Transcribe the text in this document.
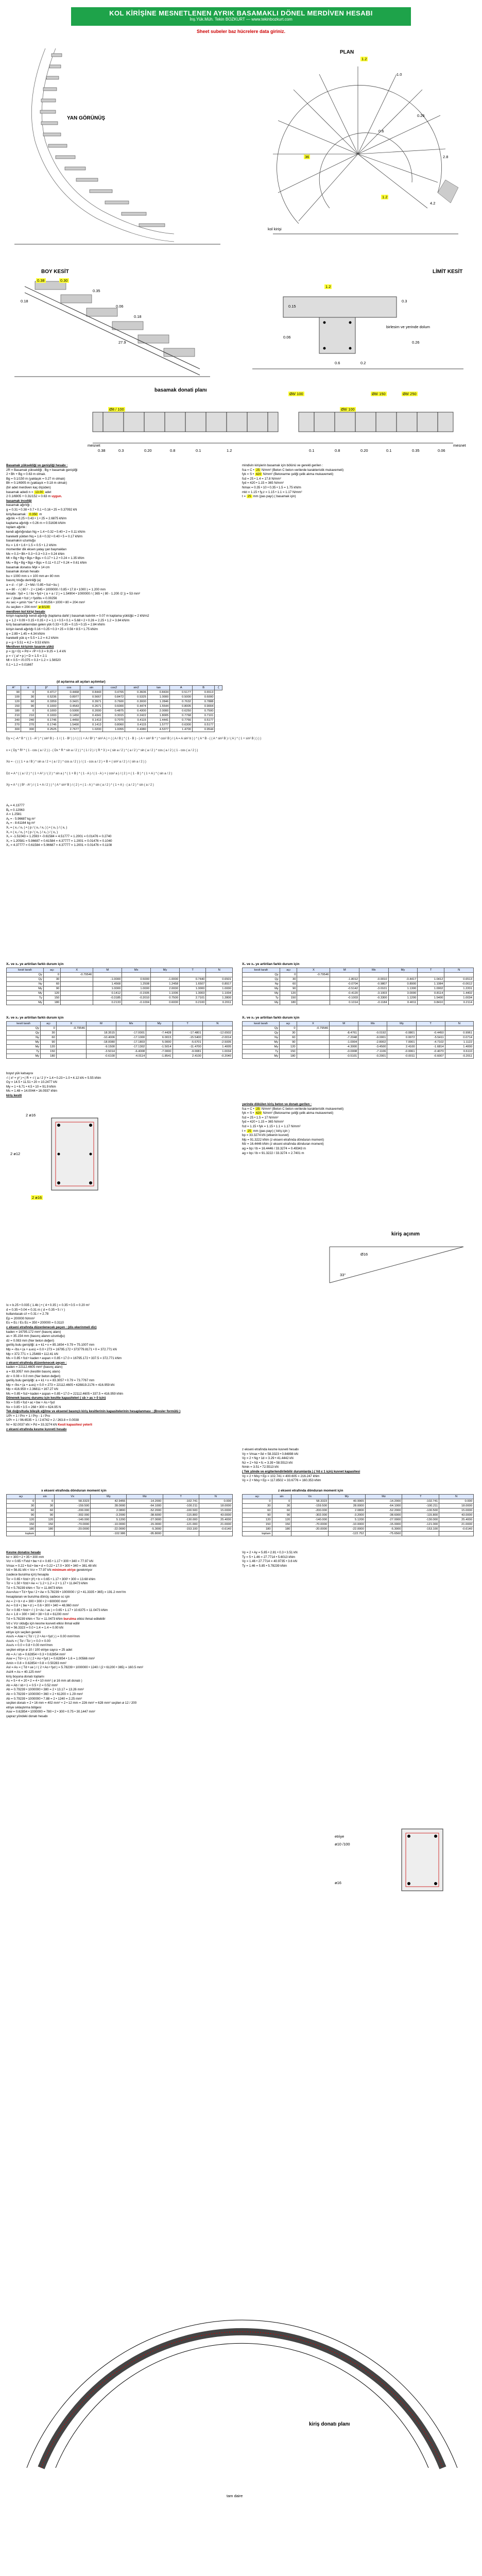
KOL KİRİŞİNE MESNETLENEN AYRIK BASAMAKLI DÖNEL MERDİVEN HESABI
İnş.Yük.Müh. Tekin BOZKURT — www.tekinbozkurt.com
Sheet subeler baz hücrelere data giriniz.
YAN GÖRÜNÜŞ
PLAN
1.2
1.2
2.8
0.6
1.0
4.2
0.26
36
kol kirişi
BOY KESİT
0.38	0.30
0.18
0.35
0.06
0.18
27.9
LİMİT KESİT
birlesim ve yerinde dolum
1.2
0.3
0.15
0.2
0.6
0.06
0.26
Ø8/ 100	Ø8/ 150	Ø8/ 250
basamak donati planı
Ø8 / 100	Ø8/ 100
mesnet	mesnet
0.38	0.3	0.20	0.8	0.1	1.2	0.1	0.8	0.20	0.1	0.35	0.06
Basamak yüksekliği ve genişliği hesabı :
2R = Basamak yüksekliği ; Bg = basamak genişliği
2 • Bh + Bg = 0.63 m olmalı.
Bg = 0.1/150 m (yaklaşık = 0.27 m olmalı)
Bh = 0.1/6905 m (yaklaşık = 0.18 m olmalı)
(bir adet merdiven kaç ölçüden)
basamak adedi n = 13.00 adet
2 0.1/6905 + 0.31/152 = 0.63 m uygun.
basamak inceliği
basamak ağırlığı ;
g = 0.31 • 0.38 • 0.7 • 0.1 • 0.16 • 25 = 0.37092 kN
kiriş/basamak : 0.350 m
ağırlık = 0.25 • 0.43 • 1 • 25 = 2.6875 kN/m
kaplama ağırlığı = 0.26 m = 0.51636 kN/m
toplam ağırlık :
kendi ağırlığından Ng = 1.4 • 0.32 • 0.40 • 2 = 0.11 kN/m
hareketli yükten Nq = 1.6 • 0.32 • 0.40 • 5 = 0.17 kN/m
basamakın uzunluğu
Ku = 1.6 • 1.6 • 1.5 = 0.5 • 1.2 kN/m
momentler dik eksen yatay çan başmakları
Mx = 0.3 • Bh • 0.3 • 0.3 • 0.3 = 0.24 kNm
Mt = Bg • Bg • Bgs • Bgs = 0.17 • 1.2 • 0.24 = 1.35 kNm
Mu = Bg • Bg • Bgs • Bgs = 0.11 • 0.17 • 0.24 = 0.61 kNm
basamak donatısı Mpl = 14 cm
basamak donatı hesabı
bu = 1000 mm s = 100 mm ø= 80 mm
basınç bloğu derinliği (a)
a = d - √ (d² - 2 • Md / 0.85 • fcd • bu )
a = 80 - √ ( 80 ² - 2 • 1345 • 1000000 / 0.85 • 17.8 • 1000 ) = 1.200 mm
hesabı : fyd = 1 / bs • fyd • ( a + a / 2 ) = 1.54904 • 1000000 / ( 365 • ( 80 - 1.200 /2 )) = 53 mm²
a= √ (bsab • fcd ) • fyd/bs = 0.00256
As sec = μmin *ow * d = 0.00256 • 1000 • 80 = 204 mm²
As seçilen = 204 mm² ø 8/100
merdiven kol kirişi hesabı
kirişin kapladığı kendi ağırlığı (kaplama dahil ) basamak kalınlık = 0.07 m kaplama yüklüğü = 2 kN/m2
g = 1.2 • 0.09 • 0.15 • 0.35 • 2 = 1.1 • 0.5 • 0.1 = 5.68 • 2 • 0.26 = 2.25 • 1.2 = 3.84 kN/m
kiriş basamaklarından gelen yük 0.33 • 0.35 = 0.15 • 0.15 = 2.84 kN/m
kirişin kendi ağırlığı 0.16 • 0.25 • 0.3 • 25 = 0.56 • 8.5 • 1.75 kN/m
g = 2.89 • 1.45 = 4.34 kN/m
hareketli yük q = 5.5 • 1.2 = 4.2 kN/m
p = g + 5.51 = 4.2 = 9.53 kN/m
Merdiven kirişinin tasarım yükü
p = (g • G) = Pd = √P • 0.3 = 9.25 = 1.4 kN
p = √ ( a² • p ) • D = 1.5 = 2.1
Ml = 0.5 • √0.075 = 0.3 • 1.2 = 1.56520
0.1 • 1.2 = 0.01667
mindivin kirişlerin basamak için bölünü ve gerekli gerilen :
fca = C • 25 N/mm² (Beton C beton verilerde karakteristik mukavemeti)
fyk = S • 420 N/mm² (Betonarme çeliği çelik akma mukavemeti)
fcd = 25 • 1.4 = 17.8 N/mm²
fyd = 420 • 1.15 = 365 N/mm²
Nmax = 0.35 • 10 • 0.35 • 1.5 = 1.75 kN/m
mkt = 1.15 • fy,z = 1.15 • 1.1 = 1.17 N/mm²
t = 25 mm (pas payı) ( basamak için)
(d açılarına ait açıları açılımlar)
A°	α	β°	cos	sin	cos2	sin2	tan	A	B	ζ
90	0	0.4717	0.4468	0.8443	0.4765	0.3606	0.8434	0.5177	0.6513	
100	30	0.5236	0.8977	0.5667	0.8472	0.5325	1.0000	0.5000	0.6000	
120	60	0.3359	0.3421	0.3971	0.7600	0.3000	1.2846	0.7632	0.7888	
150	90	0.1000	0.4543	0.2671	0.6000	0.4474	1.5544	0.8005	0.9004	
180	0	0.1000	0.5000	0.2000	0.4875	0.4300	2.0000	0.6250	0.7500	
210	210	0.1000	0.1450	0.4341	0.3015	0.2422	1.8005	0.7768	0.7101	
240	240	0.1746	1.4450	0.1413	0.7070	0.4115	1.4441	0.7766	0.5177	
270	270	0.1746	1.5400	0.1413	0.8060	0.4115	1.5777	0.6300	0.5177	
300	300	0.2525	2.7677	1.0200	1.0055	0.4380	4.5377	1.4700	0.9544	
Dy = ( -A * B * ( ( 1 - A² ) * ( sin² B ) - 1 / ( 1 - B² ) ) / ( ( 1 + A / B² ) * sin² A ) + ( ( A / B ) * ( 1 - B ) - ( A + sin² B * ) * cos² B ) / ( A = A sin² b ) ) ^ ( A * B - ( ( A * sin² B ) / ( A ) * ( 1 + sin² B ) ) ) )
x = ( Dy * R² * ( 1 - cos ( a / 2 ) ) - ( Dx * R * sin a / 2 ) ) * ( 1 / 2 ) / ( R * 3 ) = ( sin a / 2 ) * ( a / 2 ) * sin ( a / 2 ) * cos ( a / 2 ) ( 1 - cos ( a / 2 ) )
Xo = - ( ( ( 1 + a / B ) * sin a / 2 + ( a / 2 ) * cos a / 2 ) ) / ( 1 - cos a / 2 ) + B + ( sin² a / 2 ) / ( sin a / 2 ) )
Dz = A * ( ( a / 2 ) * ( 1 + A² ) / ( 2 ) * sin a ) * ( 1 + B ) * ( 1 - A ) / ( 1 - A ) + ( cos² a ) / ( 2 ) + ( 1 - B ) * ( 1 + A ) * ( sin a / 2 )
Xy = A * ( ( B² - A² ) / ( 1 + A / 2 ) ) * ( A * sin² B ) / ( 2 ) + ( 1 - A ) * sin ( a / 2 ) * ( 1 + A ) - ( a / 2 ) * sin ( a / 2 )
Aᵧ = 4.13777
Bᵧ = 0.12963
A = 1.2581
Aᵧ = - 5.96687 kg m²
Aᵧ = - 8.61164 kg m²
X₁ = ( x₁ / x₂ ) • ( p / ( x₁ / x₂ ) ) • ( x₃ ) / ( x₁ )
X₁ = ( x₁ / x₂ ) • ( p / ( x₂ ) / x₃ ) / ( x₁ )
X₁ = -1.51043 = 1.2593 • -0.61584 = 4.51777 = 1.2001 = 0.01476 = 0.2740
X₂ = 1.20581 = 5.96687 = 0.61584 = 4.37777 = 1.2001 = 0.01476 = 0.1040
X₃ = 4.37777 = 0.61584 = 5.96687 = 4.37777 = 1.2001 = 0.01476 = 0.1108
X₁ ve x₂ ye artirilan farklı durum için
kesit tarafı	açı	X	M	Mx	My	T	N
Qy	0	-0.79546					
Qy	30		-1.0000	0.5000	-1.0000	0.7440	0.6501
Ny	60		1.4568	1.2508	1.2458	1.6507	0.8917
My	90		1.0000	1.0000	2.0000	1.0000	1.0000
My	120		0.1412	-0.1505	1.1006	1.3003	1.1004
Ty	150		-0.3185	-0.2010	0.7500	2.7101	1.2800
My	180		0.2133	-0.1004	0.6000	0.2100	0.2011
X₁ ve x₂ ye artirilan farklı durum için
kesit tarafı	açı	X	M	Mx	My	T	N
Qy	0	-0.79546					
Qy	30		-1.8012	-0.0010	-0.4417	1.0412	0.6513
Ny	60		-0.0704	-0.9807	0.8900	1.1084	-0.0612
My	90		-0.5142	-3.0101	1.1300	1.0002	1.2201
My	120		-0.4120	-3.1003	3.0000	0.8114	1.4402
Ty	150		-0.1003	-0.3300	1.1200	1.5400	1.0034
My	180		0.1014	-0.1184	0.4011	0.8410	0.2114
X₁ ve x₂ ye artirilan farklı durum için
kesit tarafı	açı	X	M	Mx	My	T	N
Qy	0	-0.79546					
Qy	30		18.3515	-17.0001	-7.4428	-17.4801	-12.6502
Ny	60		-10.4006	-17.1000	6.0015	-15.5400	-2.0014
My	90		-18.0080	-17.1803	5.0000	-5.6701	-2.5005
My	120		-9.1500	-17.1302	-1.5014	-11.4700	1.4005
Ty	150		-3.5014	-6.4008	-7.0000	-9.0081	1.0034
My	180		-0.6100	-4.0114	-1.8541	2.4100	-0.2040
X₁ ve x₂ ye artirilan farklı durum için
kesit tarafı	açı	X	M	Mx	My	T	N
Qy	0	-0.79546					
Qy	30		-8.4761	-0.0192	-0.0801	-0.4450	0.9961
Ny	60		-7.2048	-9.0001	0.0072	-5.5411	0.0714
My	90		-1.0004	-2.8002	7.0001	-4.7102	1.1122
My	120		-4.3000	-3.4500	2.4100	-1.6814	1.4000
Ty	150		-0.0008	-7.1106	-0.0061	-0.4070	0.6110
My	180		-0.5101	-0.2001	-0.0011	-0.6007	-0.2011
boyut yük katsayısı
√ ( x² + y² ) • ( R + √ ( a / 2 )² • 1.4 • 0.23 • 1.0 • 4.12 kN = 5.55 kNm
Gy = 14.5 • 11.51 • 20 = 10.2477 kN
My = 1 • 6.71 • 4.5 • 10 = 91.9 kNm
Ms = 1.48 = 14.0044 • 16.0937 kNm
kiriş kesiti
yerinde dökülen kiriş beton ve donatı gerilen :
fca = C • 25 N/mm² (Beton C beton verilerde karakteristik mukavemeti)
fyk = S • 420 N/mm² (Betonarme çeliği çelik akma mukavemeti)
fcd = 25 • 1.5 = 17 N/mm²
fyd = 420 • 1.15 = 365 N/mm²
fcd = 1.15 • fyk = 1.15 • 1.1 = 1.17 N/mm²
t = 25 mm (pas payı) ( kiriş için )
bp = 33.3274 kN (etkenin kuvvet)
Mp = 91.3222 kNm (z ekseni etrafında dönduran moment)
Mz = 16.4446 kNm (z ekseni etrafında dönduran moment)
ag = bp / lb = 16.4446 / 33.3274 = 0.49343 m
ag = bp / lb = 91.3222 / 33.3274 = 2.7401 m
2 ø16
2 ø12
2 ø16
kiriş açınım
33°
Ø16
Ix = b.25 • 0.035 ( 1.4b ) • ( 4 • 0.35 ) = 0.35 • 0.5 = 0.20 m²
d = 0.35 • 0.04 = 0.31 m ( d = 0.35 • 5 / r )
kullanılacak c/i = 0.31 r = 2.78
Ep = 200000 N/mm²
Es = Ec / Es Ec = 350 • 200000 = 0.3110
c ekseni etrafında düzenlenecek peçen : (dis ekerinmeli diz)
kaden = 16795.172 mm² (basınç alanı)
as = 35.154 mm (basınç alanın uzunluğu)
dz = 0.083 mm (Ner beton değeri)
geriliş bulu genişliği: a = k1 • x = 85.1654 • 0.79 = 75.1007 mm
Mp = √bs • (a + a.es) = 0.0 • 273 = 16795.172 • 373779.8171 • 0 = 372.771 kN
Mp = 372.771 = 1.25469 • 112.41 kN
Ms = 0.85 • fcd • kaden • aspan = 0.85 • 17.0 = 16795.172 • 337.5 = 372.771 kNm
z ekseni etrafında düzenlenecek peçen :
kaden = 22112.4605 mm² (basınç alanı)
a = 83.3057 mm (kesitlin basınç alanı)
dz = 0.08 = 0.0 mm (Ner beton değeri)
geriliş bulu genişliği: a = k1 • x = 83.3057 • 0.79 = 73.7767 mm
Mp = √bs • (a + a.es) = 0.0 = 273 = 22112.4605 • 428819.2176 = 416.959 kN
Mp = 416.959 = 2.36811 • 167.27 kN
Ms = 0.85 • fcd • kaden • aspan = 0.85 • 17.0 = 22112.4605 • 337.5 = 416.959 kNm
Dönenek basınç durumu için kesitte kapasiteleri ( sb > as > 0 için)
Nx = 0.85 • fcd • ac • bw + As • fyd
Nx = 0.85 • 3.5 = 268 • 300 = 624.95 N
Tek doğrultuda bileşik eğilme ve eksenel basınçlı kiriş kesitlerinin kapasitelerinin hesaplanması : (Bresler formülü )
1/Pr = 1 / Prx + 1 / Pry - 1 / Pro
1/Pr = 1 / 96.6535 + 1 / 2.6742 = 2 / 263.8 = 0.0038
Nr = 92.0037 kN > Pd = 33.3274 kN Kesit kapasitesi yeterli
z ekseni etrafında kesme kuvveti hesabı
z ekseni etrafında kesme kuvveti hesabı
Vy = Vmax • δd = 58.3323 • 0.84898 kN
Vy = 2 • Ng • 1d = 3.29 • 41.4442 kN
Nz = 2 • Nz • fc = 3.39 • 58.5513 kN
Nmin = 3.51 • 72.5513 kN
( Tek yönde ve ergiterlendirilebilir durumlarda ) ( Vd ≤ 1 için) kuvvet kapasitesi
Vy = 2 • Mxy • Ep = 102.741 = 400.605 = 216.247 kNm
Vy = 2 • Mxy • Ep = 117.8502 = 33.6776 = 160.353 kNm
x ekseni etrafında dönduran moment için
açı	sin	Vx	My	Mz	T	N
0	0	58.3323	42.9455	-14.2000	-102.741	0.000
30	30	-159.500	28.0000	-64.1000	-100.211	18.0000
60	60	-200.000	2.0800	-52.2000	-100.500	15.0000
90	90	-302.000	-3.2000	-38.6000	-115.800	43.0000
120	120	-140.000	5.1200	-27.0000	-130.000	25.4000
150	150	-70.0000	-10.0000	-15.0000	-121.000	21.0000
180	180	-20.0000	-22.0000	-5.3000	-153.100	-0.6140
toplam			-102.986	-95.8000		
z ekseni etrafında dönduran moment için
açı	sin	Vx	My	Mz	T	N
0	0	58.3323	40.9965	-14.2000	-102.741	0.000
30	30	-159.500	28.0000	-64.1000	-100.211	18.0000
60	60	-200.000	2.0800	-52.2000	-100.500	15.0000
90	90	-302.000	-3.2000	-38.6000	-115.800	43.0000
120	120	-140.000	5.1200	-27.0000	-130.000	25.4000
150	150	-70.0000	-10.0000	-15.0000	-121.000	21.0000
180	180	-20.0000	-22.0000	-5.3000	-153.100	-0.6140
toplam			-122.752	-75.6560		
Kesme donatısı hesabı
bz = 300 • 2 • 35 • 300 mm
Vcr = 0.65 • Fxtd • bw • d = 0.65 • 1.17 • 300 • 340 = 77.97 kN
Vmax = 0.22 • fcd • bw • d = 0.22 • 17.0 • 300 • 340 = 381.48 kN
Vd = 56.81 kN < Vcr = 77.97 kN minimum etriye gerekmiyor
(sadece burulma için) hesapla
Tcr = 0.65 • fctd • (t²) • b = 0.65 • 1.17 • 300² • 300 = 13.68 kNm
Tcr = 1.50 • fctd • Ae = ⁄ 1.2 • 1.2 = 2 • 1.17 • 11.8473 kNm
Td = 5.78239 kNm < Tcr = 11.8473 kNm
Asv=Asv • Td • fyw / 2 • Ae = 5.78239 • 1000000 / (2 • 41.3335 • 365) = 191.2 mm²/m
hesaplanan ve burulma dönüş sadece sc için
Ao = 2 • b • d = 300 • 300 • 2 • 600000 mm²
Ao = 0.8 • ( bw • d ) = 0.6 • 300 • 340 = 48.960 mm²
Tcr = 0.65 • fctd • √ ( 3 • Ac / ue ) = 0.65 • 1.17 • 10.6375 = 11.0473 kNm
Ao = 1.8 = 300 • 340 • 38 • 0.8 = 61200 mm²
Td = 5.78239 kNm < Tcr = 11.0473 kNm burulma etkisi ihmal edilebilir
Vd ≤ Vcr olduğu için kesme kuvveti etkisi ihmal edilir
Vd = 56.3323 = 0.0 • 1.4 = 1.4 = 0.00 kN
etriye için seçilen gerekli
Asv/s = Asw • ( Tcr / ( 2 • Ao • fyd ) ) = 0.00 mm²/mm
Asv/s = ( Tcr / Tcr ) = 0.0 = 0.00
Asv/s = 0.0 = 0.8 • 0.00 mm²/mm
seçilen etriye ø 10 / 100 etriye sayısı = 25 adet
Ab = A / sb = 0.62854 • 0.3 • 0.62854 mm²
Asw = ( Td • s ) / ( 2 • Ao • fyd ) = 0.62854 • 1.6 = 1.00566 mm²
Amin = 0.8 = 0.62854 • 0.8 = 0.50283 mm²
Asl = As = ( Td • ue ) / ( 2 • Ao • fyd ) = 5.78239 • 1000000 • 1240 / (2 • 61200 • 365) = 160.5 mm²
Asl/4 = As = 40.125 mm²
kiriş boyuna donatı toplamı
As = 5 • 4 = 20 • 2 = 4 • 10 mm² ( ø 16 mm alt donatı )
Ab = Ab / sb • 1 = 0.5 • 2 = 0.52 mm²
Ab = 0.79239 • 1000000 • 380 = 2 • 13.17 = 13.26 mm²
Ab = 0.79239 • 1000000 • 360 = 2 • 61200 = 1.29 mm²
Ab = 0.79239 • 1000000 • 7.88 = 2 • 1240 = 2.25 mm²
seçilen donatı = 2 • 16 mm = 402 mm² + 2 • 12 mm = 226 mm² = 628 mm² seçilen ø 12 / 200
etriye sıklaştırma bölgesi
Asw = 0.62854 • 1000000 = 780 • 2 • 300 • 0.75 • 30.1447 mm²
çapraz yöndeki donatı hesabı
Vy = 2 • Ay = 5.85 • 2.81 • 0.3 • 3.51 kN
Ty = 5 • 1.46 = 27.7714 • 5.6013 kNm
Vy = 1.46 • 27.7714 = 40.9735 • 3.6 kN
Ty = 1.46 = 5.85 • 5.78239 kNm
etriye
ø10 /100
ø16
kiriş donatı planı
tam daire
